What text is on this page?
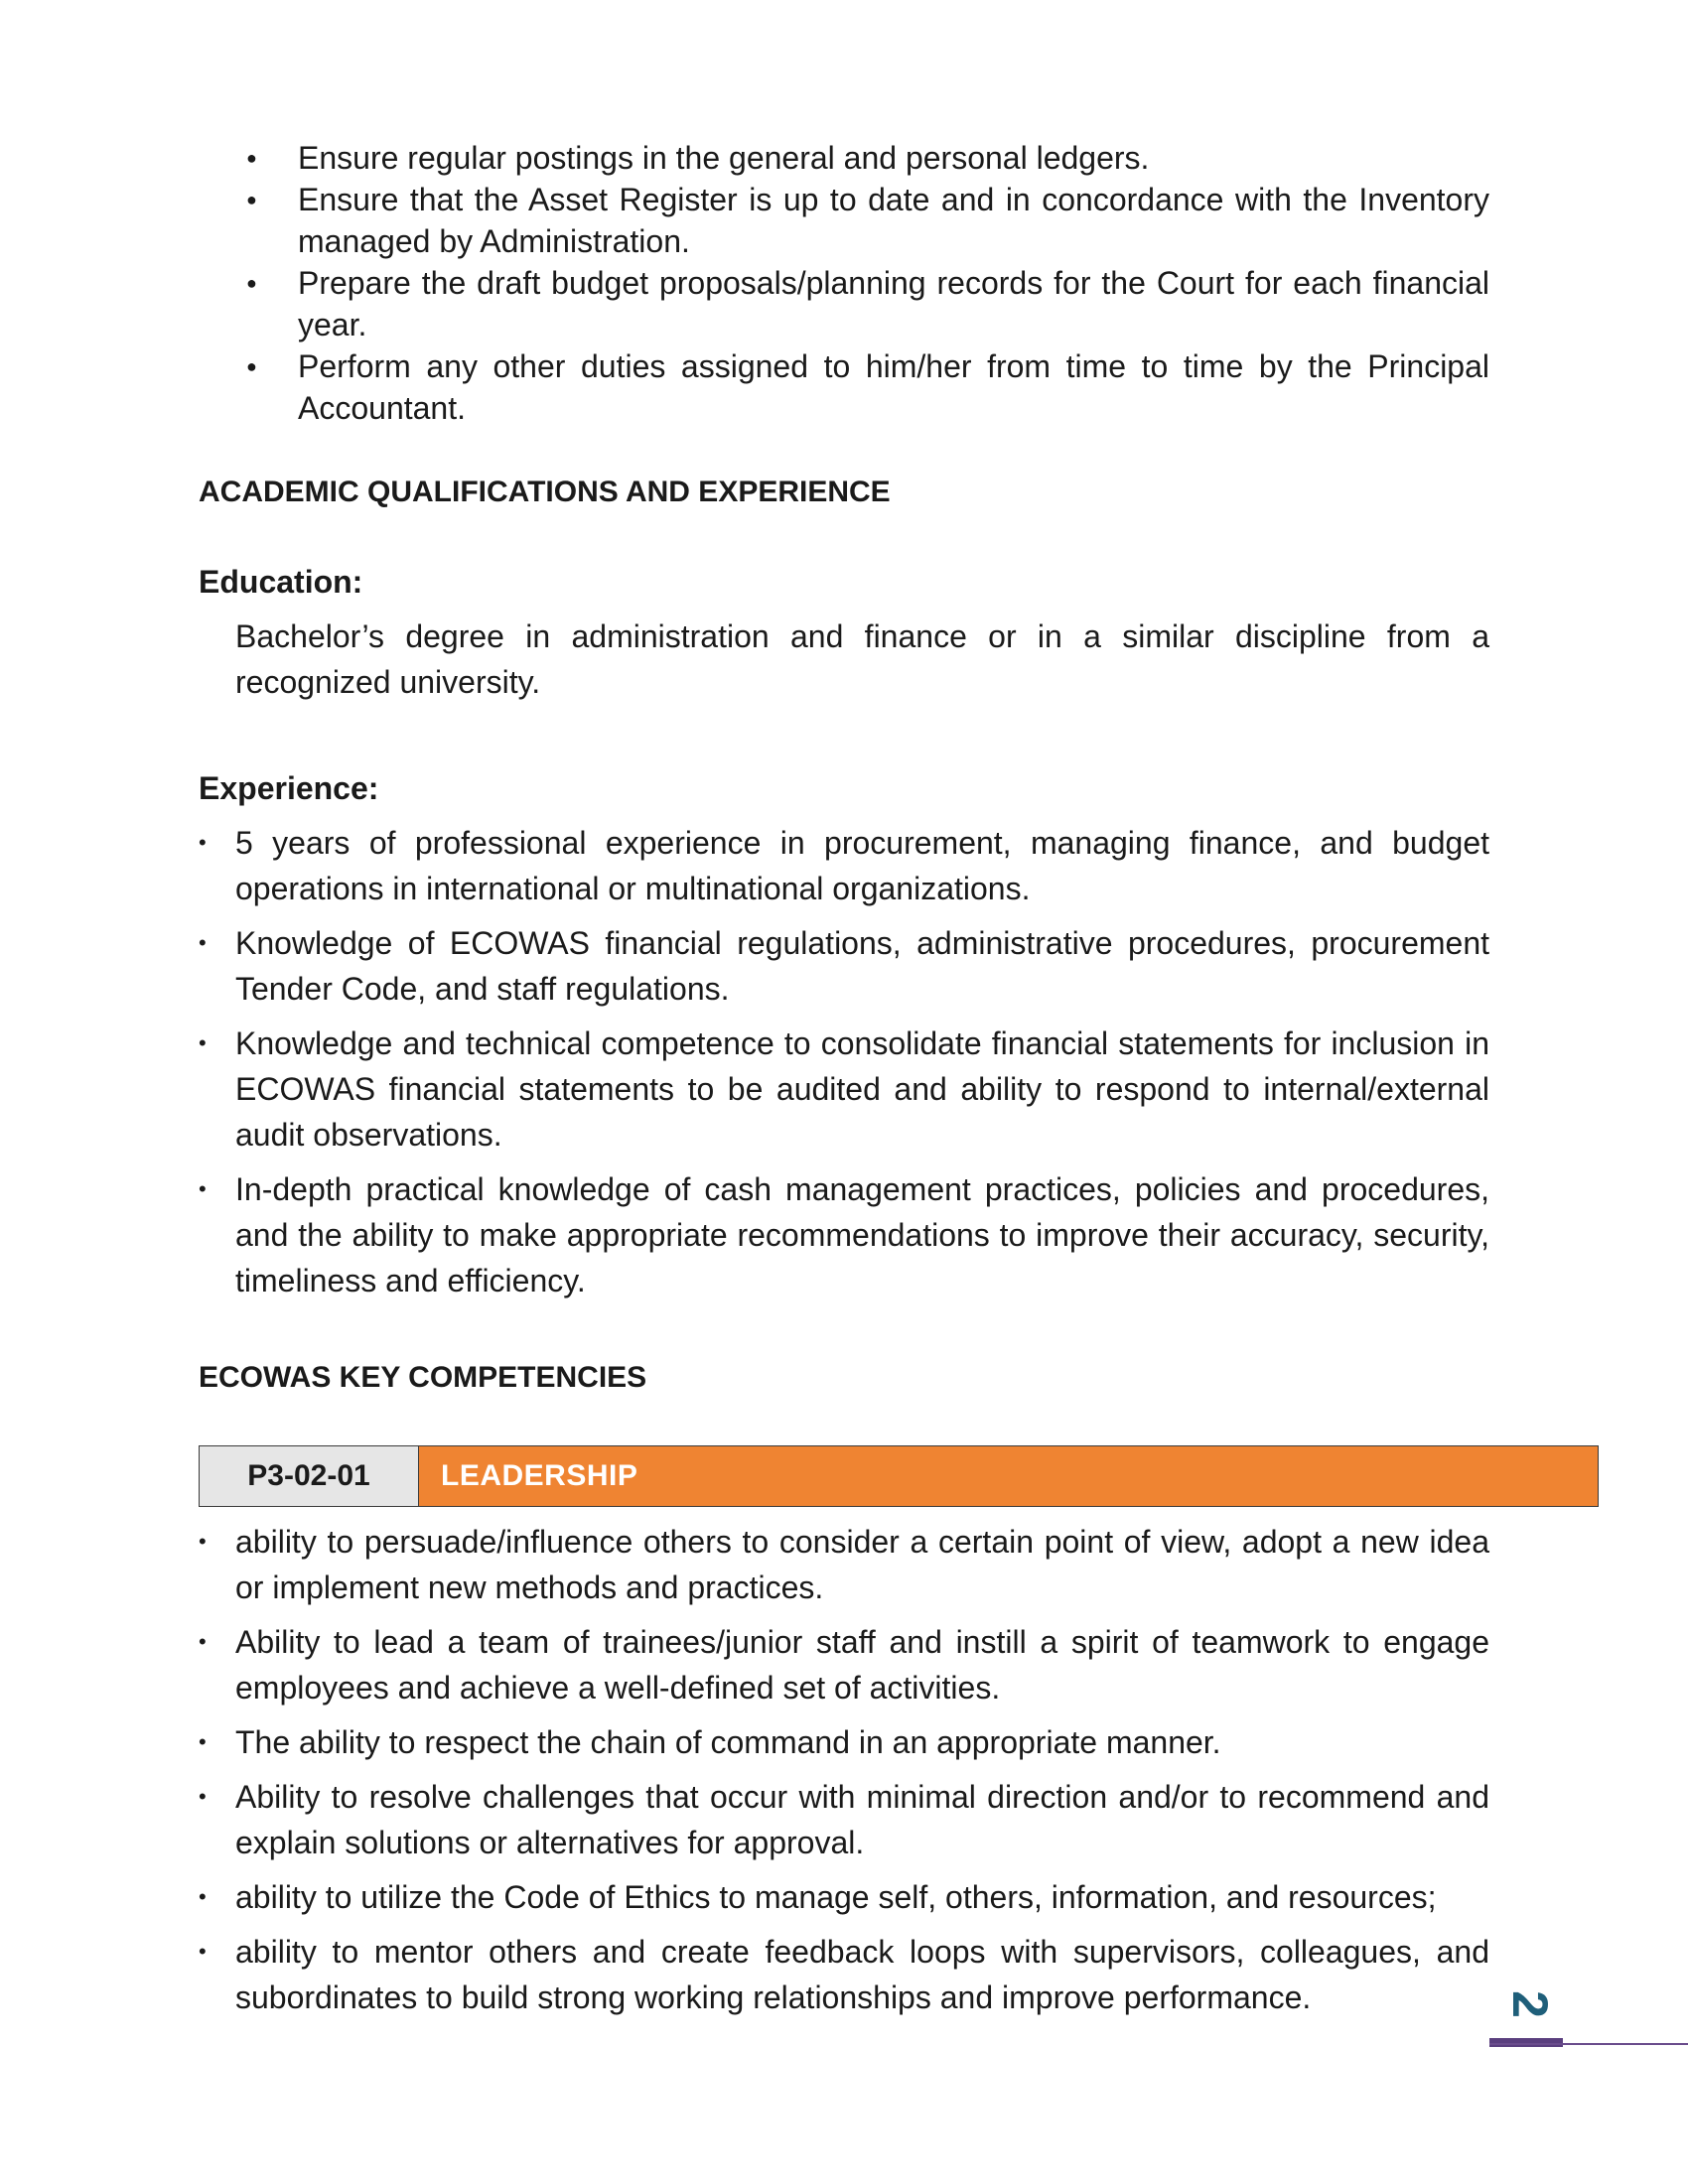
● Ensure regular postings in the general and personal ledgers.
● Ensure that the Asset Register is up to date and in concordance with the Inventory managed by Administration.
● Prepare the draft budget proposals/planning records for the Court for each financial year.
● Perform any other duties assigned to him/her from time to time by the Principal Accountant.
ACADEMIC QUALIFICATIONS AND EXPERIENCE
Education:

Bachelor’s degree in administration and finance or in a similar discipline from a recognized university.

Experience:
• 5 years of professional experience in procurement, managing finance, and budget operations in international or multinational organizations.
• Knowledge of ECOWAS financial regulations, administrative procedures, procurement Tender Code, and staff regulations.
• Knowledge and technical competence to consolidate financial statements for inclusion in ECOWAS financial statements to be audited and ability to respond to internal/external audit observations.
• In-depth practical knowledge of cash management practices, policies and procedures, and the ability to make appropriate recommendations to improve their accuracy, security, timeliness and efficiency.
ECOWAS KEY COMPETENCIES
P3-02-01	LEADERSHIP
• ability to persuade/influence others to consider a certain point of view, adopt a new idea or implement new methods and practices.
• Ability to lead a team of trainees/junior staff and instill a spirit of teamwork to engage employees and achieve a well-defined set of activities.
• The ability to respect the chain of command in an appropriate manner.
• Ability to resolve challenges that occur with minimal direction and/or to recommend and explain solutions or alternatives for approval.
• ability to utilize the Code of Ethics to manage self, others, information, and resources;
• ability to mentor others and create feedback loops with supervisors, colleagues, and subordinates to build strong working relationships and improve performance.	2
